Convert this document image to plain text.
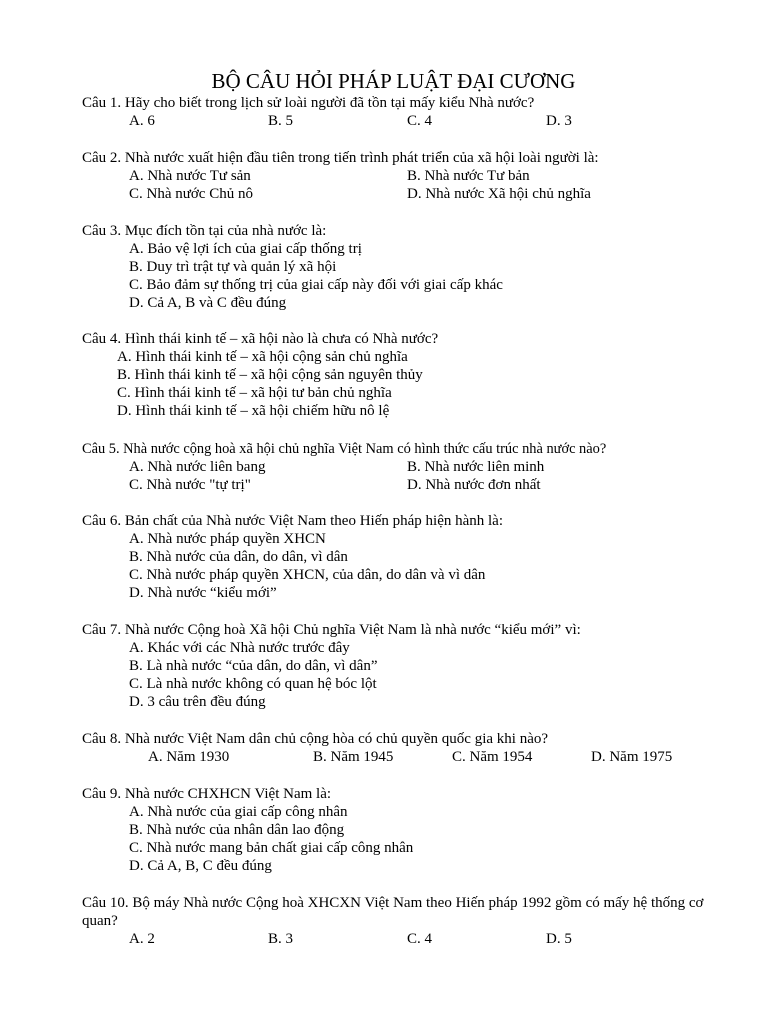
BỘ CÂU HỎI PHÁP LUẬT ĐẠI CƯƠNG
Câu 1. Hãy cho biết trong lịch sử loài người đã tồn tại mấy kiểu Nhà nước?
A. 6	B. 5	C. 4	D. 3
Câu 2. Nhà nước xuất hiện đầu tiên trong tiến trình phát triển của xã hội loài người là:
A. Nhà nước Tư sản	B. Nhà nước Tư bản
C. Nhà nước Chủ nô	D. Nhà nước Xã hội chủ nghĩa
Câu 3. Mục đích tồn tại của nhà nước là:
A. Bảo vệ lợi ích của giai cấp thống trị
B. Duy trì trật tự và quản lý xã hội
C. Bảo đảm sự thống trị của giai cấp này đối với giai cấp khác
D. Cả A, B và C đều đúng
Câu 4. Hình thái kinh tế – xã hội nào là chưa có Nhà nước?
A. Hình thái kinh tế – xã hội cộng sản chủ nghĩa
B. Hình thái kinh tế – xã hội cộng sản nguyên thủy
C. Hình thái kinh tế – xã hội tư bản chủ nghĩa
D. Hình thái kinh tế – xã hội chiếm hữu nô lệ
Câu 5. Nhà nước cộng hoà xã hội chủ nghĩa Việt Nam có hình thức cấu trúc nhà nước nào?
A. Nhà nước liên bang	B. Nhà nước liên minh
C. Nhà nước "tự trị"	D. Nhà nước đơn nhất
Câu 6. Bản chất của Nhà nước Việt Nam theo Hiến pháp hiện hành là:
A. Nhà nước pháp quyền XHCN
B. Nhà nước của dân, do dân, vì dân
C. Nhà nước pháp quyền XHCN, của dân, do dân và vì dân
D. Nhà nước “kiểu mới”
Câu 7. Nhà nước Cộng hoà Xã hội Chủ nghĩa Việt Nam là nhà nước “kiểu mới” vì:
A. Khác với các Nhà nước trước đây
B. Là nhà nước “của dân, do dân, vì dân”
C. Là nhà nước không có quan hệ bóc lột
D. 3 câu trên đều đúng
Câu 8. Nhà nước Việt Nam dân chủ cộng hòa có chủ quyền quốc gia khi nào?
A. Năm 1930	B. Năm 1945	C. Năm 1954	D. Năm 1975
Câu 9. Nhà nước CHXHCN Việt Nam là:
A. Nhà nước của giai cấp công nhân
B. Nhà nước của nhân dân lao động
C. Nhà nước mang bản chất giai cấp công nhân
D. Cả A, B, C đều đúng
Câu 10. Bộ máy Nhà nước Cộng hoà XHCXN Việt Nam theo Hiến pháp 1992 gồm có mấy hệ thống cơ quan?
A. 2	B. 3	C. 4	D. 5
